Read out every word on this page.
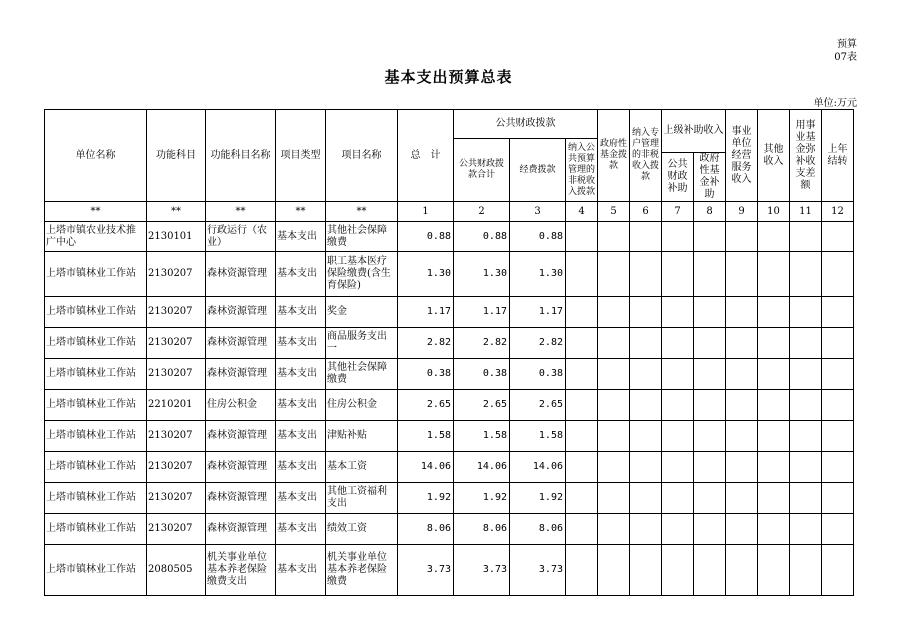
预算
07表
基本支出预算总表
单位:万元
单位名称	功能科目	功能科目名称	项目类型	项目名称	总　计	公共财政拨款			政府性基金拨款	纳入专户管理的非税收入拨款	上级补助收入		事业单位经营服务收入	其他收入	用事业基金弥补收支差额	上年结转
						公共财政拨款合计	经费拨款	纳入公共预算管理的非税收入拨款								
											公共财政补助	政府性基金补助				
**	**	**	**	**	1	2	3	4	5	6	7	8	9	10	11	12
上塔市镇农业技术推广中心	2130101	行政运行（农业）	基本支出	其他社会保障缴费	0.88	0.88	0.88									
上塔市镇林业工作站	2130207	森林资源管理	基本支出	职工基本医疗保险缴费(含生育保险)	1.30	1.30	1.30									
上塔市镇林业工作站	2130207	森林资源管理	基本支出	奖金	1.17	1.17	1.17									
上塔市镇林业工作站	2130207	森林资源管理	基本支出	商品服务支出一	2.82	2.82	2.82									
上塔市镇林业工作站	2130207	森林资源管理	基本支出	其他社会保障缴费	0.38	0.38	0.38									
上塔市镇林业工作站	2210201	住房公积金	基本支出	住房公积金	2.65	2.65	2.65									
上塔市镇林业工作站	2130207	森林资源管理	基本支出	津贴补贴	1.58	1.58	1.58									
上塔市镇林业工作站	2130207	森林资源管理	基本支出	基本工资	14.06	14.06	14.06									
上塔市镇林业工作站	2130207	森林资源管理	基本支出	其他工资福利支出	1.92	1.92	1.92									
上塔市镇林业工作站	2130207	森林资源管理	基本支出	绩效工资	8.06	8.06	8.06									
上塔市镇林业工作站	2080505	机关事业单位基本养老保险缴费支出	基本支出	机关事业单位基本养老保险缴费	3.73	3.73	3.73									
